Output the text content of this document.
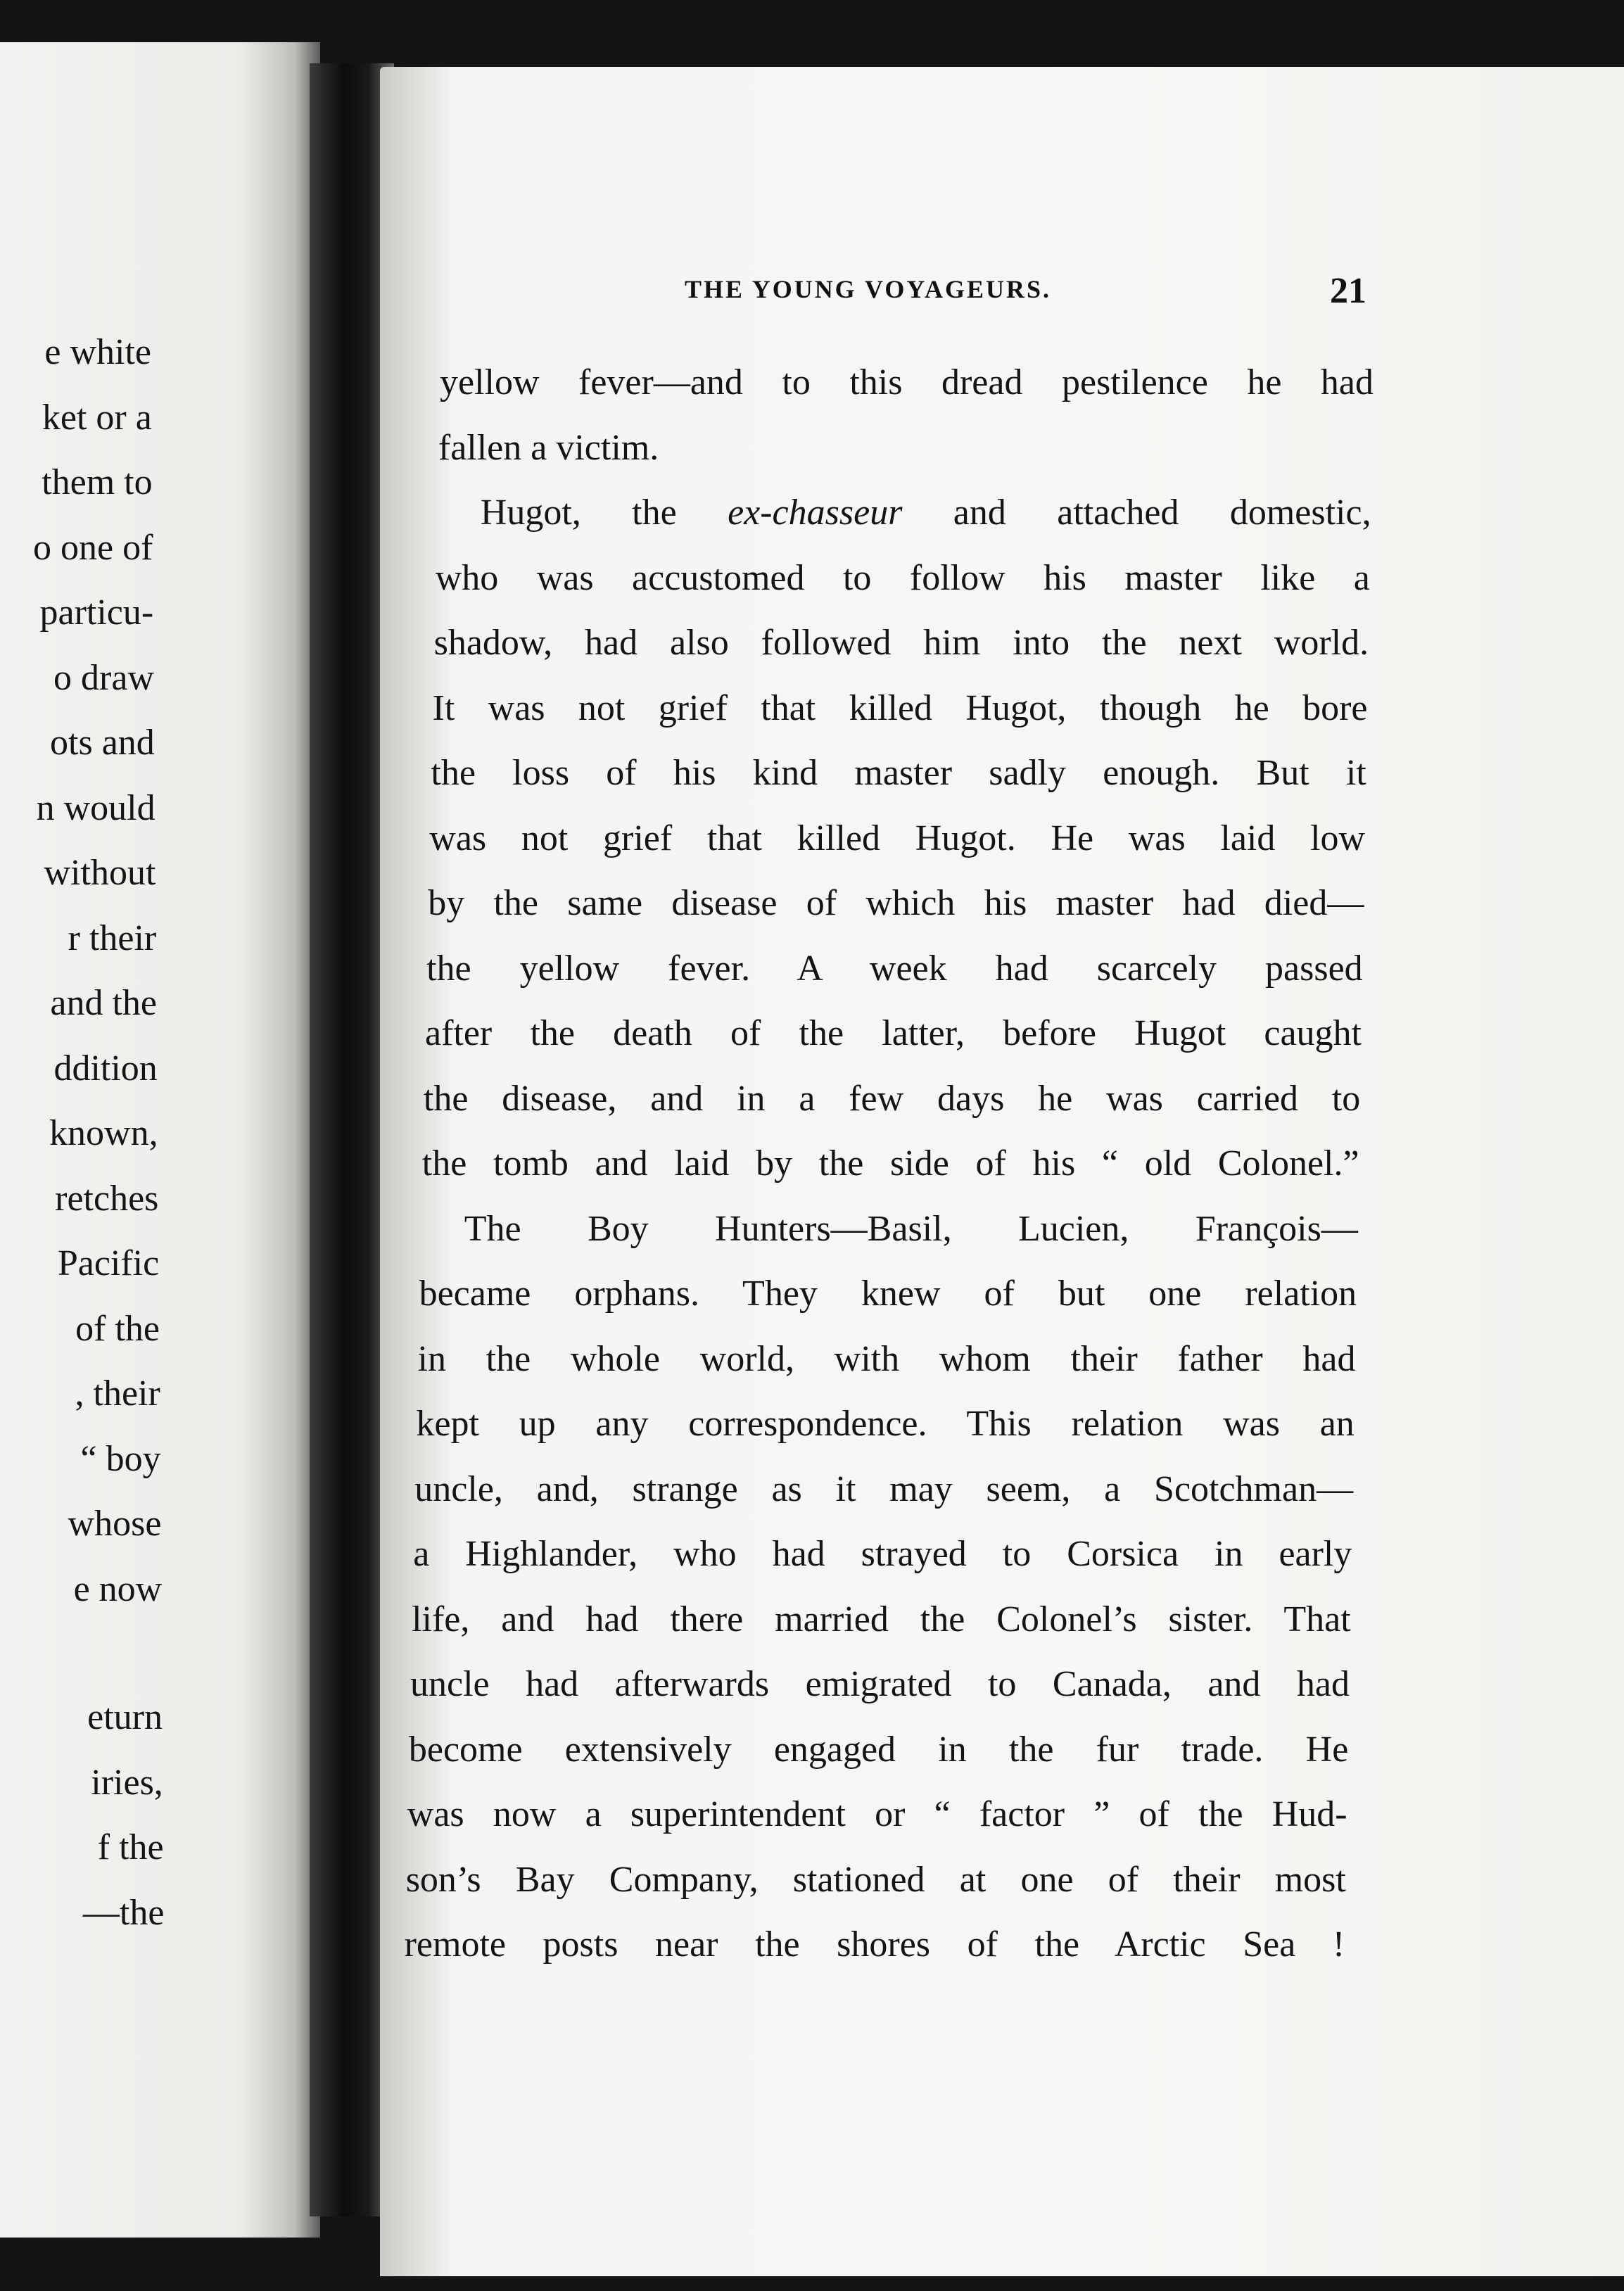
e white
ket or a
them to
o one of
particu-
o draw
ots and
n would
without
r their
and the
ddition
known,
retches
Pacific
of the
, their
“ boy
whose
e now
eturn
iries,
f the
—the
THE YOUNG VOYAGEURS.	21
yellow fever—and to this dread pestilence he had
fallen a victim.
Hugot, the ex-chasseur and attached domestic,
who was accustomed to follow his master like a
shadow, had also followed him into the next world.
It was not grief that killed Hugot, though he bore
the loss of his kind master sadly enough. But it
was not grief that killed Hugot. He was laid low
by the same disease of which his master had died—
the yellow fever. A week had scarcely passed
after the death of the latter, before Hugot caught
the disease, and in a few days he was carried to
the tomb and laid by the side of his “ old Colonel.”
The Boy Hunters—Basil, Lucien, François—
became orphans. They knew of but one relation
in the whole world, with whom their father had
kept up any correspondence. This relation was an
uncle, and, strange as it may seem, a Scotchman—
a Highlander, who had strayed to Corsica in early
life, and had there married the Colonel’s sister. That
uncle had afterwards emigrated to Canada, and had
become extensively engaged in the fur trade. He
was now a superintendent or “ factor ” of the Hud-
son’s Bay Company, stationed at one of their most
remote posts near the shores of the Arctic Sea !
